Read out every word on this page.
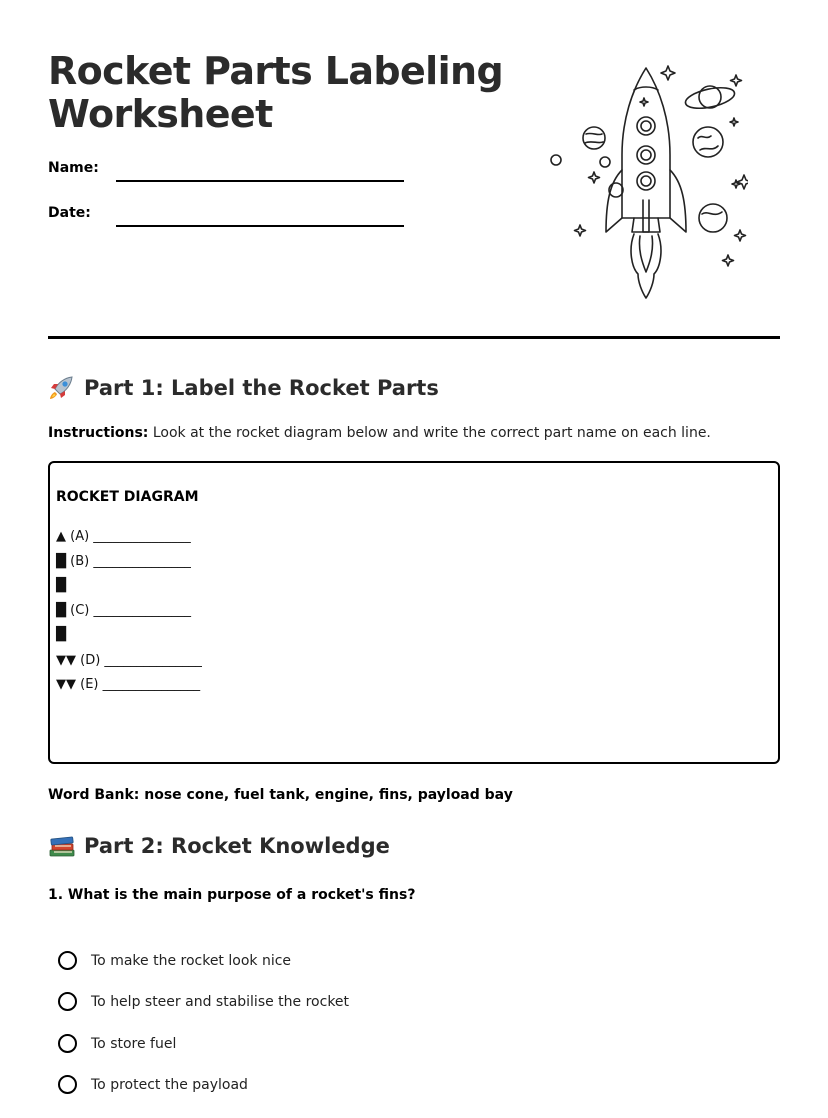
Rocket Parts Labeling
Worksheet
Name:
Date:
Part 1: Label the Rocket Parts
Instructions: Look at the rocket diagram below and write the correct part name on each line.
ROCKET DIAGRAM
▲ (A) _______________
█ (B) _______________
█
█ (C) _______________
█
▼▼ (D) _______________
▼▼ (E) _______________
Word Bank: nose cone, fuel tank, engine, fins, payload bay
Part 2: Rocket Knowledge
1. What is the main purpose of a rocket's fins?
To make the rocket look nice
To help steer and stabilise the rocket
To store fuel
To protect the payload
